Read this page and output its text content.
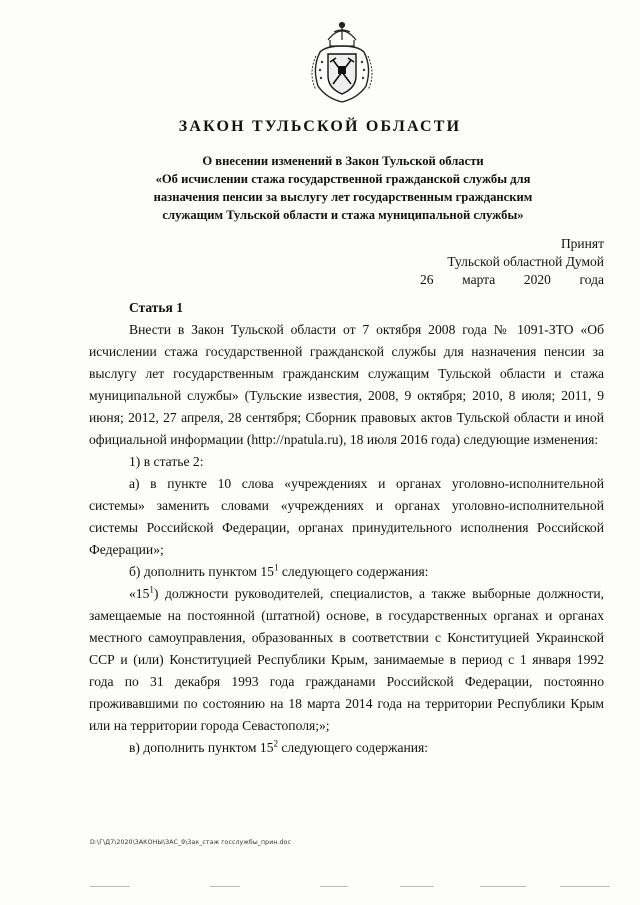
ЗАКОН ТУЛЬСКОЙ ОБЛАСТИ
О внесении изменений в Закон Тульской области
«Об исчислении стажа государственной гражданской службы для
назначения пенсии за выслугу лет государственным гражданским
служащим Тульской области и стажа муниципальной службы»
Принят
Тульской областной Думой
26 марта 2020 года
Статья 1

Внести в Закон Тульской области от 7 октября 2008 года № 1091-ЗТО «Об исчислении стажа государственной гражданской службы для назначения пенсии за выслугу лет государственным гражданским служащим Тульской области и стажа муниципальной службы» (Тульские известия, 2008, 9 октября; 2010, 8 июля; 2011, 9 июня; 2012, 27 апреля, 28 сентября; Сборник правовых актов Тульской области и иной официальной информации (http://npatula.ru), 18 июля 2016 года) следующие изменения:

1) в статье 2:

а) в пункте 10 слова «учреждениях и органах уголовно-исполнительной системы» заменить словами «учреждениях и органах уголовно-исполнительной системы Российской Федерации, органах принудительного исполнения Российской Федерации»;

б) дополнить пунктом $15^1$ следующего содержания:

«$15^1$) должности руководителей, специалистов, а также выборные должности, замещаемые на постоянной (штатной) основе, в государственных органах и органах местного самоуправления, образованных в соответствии с Конституцией Украинской ССР и (или) Конституцией Республики Крым, занимаемые в период с 1 января 1992 года по 31 декабря 1993 года гражданами Российской Федерации, постоянно проживавшими по состоянию на 18 марта 2014 года на территории Республики Крым или на территории города Севастополя;»;

в) дополнить пунктом $15^2$ следующего содержания:

D:\Г\Д7\2020\ЗАКОНЫ\ЗАС_9\Зак_стаж госслужбы_прин.doc
